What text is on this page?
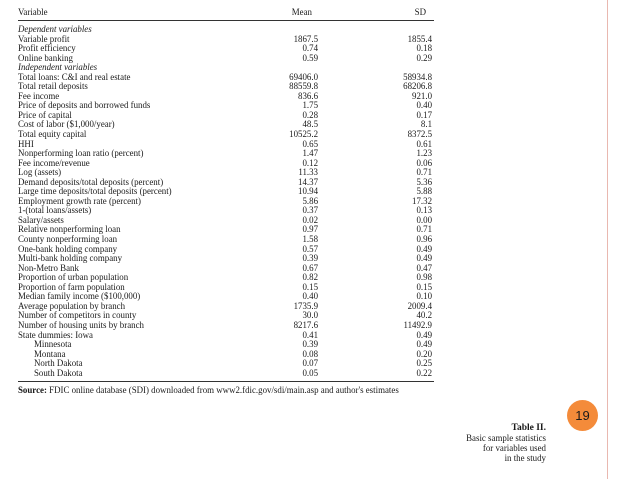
Variable	Mean	SD
Dependent variables
Variable profit	1867.5	1855.4
Profit efficiency	0.74	0.18
Online banking	0.59	0.29
Independent variables
Total loans: C&I and real estate	69406.0	58934.8
Total retail deposits	88559.8	68206.8
Fee income	836.6	921.0
Price of deposits and borrowed funds	1.75	0.40
Price of capital	0.28	0.17
Cost of labor ($1,000/year)	48.5	8.1
Total equity capital	10525.2	8372.5
HHI	0.65	0.61
Nonperforming loan ratio (percent)	1.47	1.23
Fee income/revenue	0.12	0.06
Log (assets)	11.33	0.71
Demand deposits/total deposits (percent)	14.37	5.36
Large time deposits/total deposits (percent)	10.94	5.88
Employment growth rate (percent)	5.86	17.32
1-(total loans/assets)	0.37	0.13
Salary/assets	0.02	0.00
Relative nonperforming loan	0.97	0.71
County nonperforming loan	1.58	0.96
One-bank holding company	0.57	0.49
Multi-bank holding company	0.39	0.49
Non-Metro Bank	0.67	0.47
Proportion of urban population	0.82	0.98
Proportion of farm population	0.15	0.15
Median family income ($100,000)	0.40	0.10
Average population by branch	1735.9	2009.4
Number of competitors in county	30.0	40.2
Number of housing units by branch	8217.6	11492.9
State dummies: Iowa	0.41	0.49
Minnesota	0.39	0.49
Montana	0.08	0.20
North Dakota	0.07	0.25
South Dakota	0.05	0.22
Source: FDIC online database (SDI) downloaded from www2.fdic.gov/sdi/main.asp and author's estimates
Table II.
Basic sample statistics
for variables used
in the study
19
